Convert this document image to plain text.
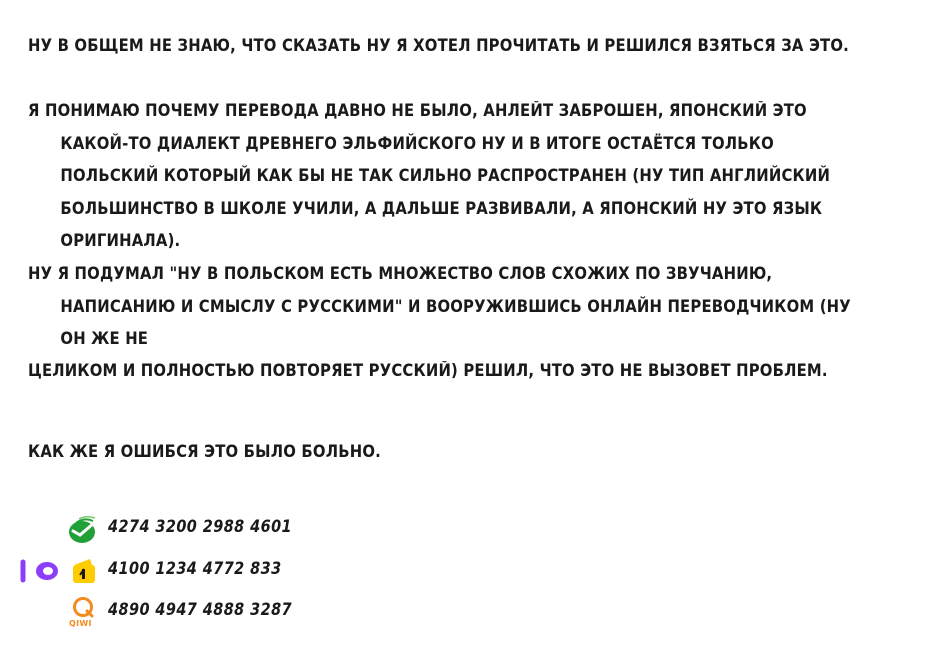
НУ В ОБЩЕМ НЕ ЗНАЮ, ЧТО СКАЗАТЬ НУ Я ХОТЕЛ ПРОЧИТАТЬ И РЕШИЛСЯ ВЗЯТЬСЯ ЗА ЭТО.

Я ПОНИМАЮ ПОЧЕМУ ПЕРЕВОДА ДАВНО НЕ БЫЛО, АНЛЕЙТ ЗАБРОШЕН, ЯПОНСКИЙ ЭТО КАКОЙ-ТО ДИАЛЕКТ ДРЕВНЕГО ЭЛЬФИЙСКОГО НУ И В ИТОГЕ ОСТАЁТСЯ ТОЛЬКО ПОЛЬСКИЙ КОТОРЫЙ КАК БЫ НЕ ТАК СИЛЬНО РАСПРОСТРАНЕН (НУ ТИП АНГЛИЙСКИЙ БОЛЬШИНСТВО В ШКОЛЕ УЧИЛИ, А ДАЛЬШЕ РАЗВИВАЛИ, А ЯПОНСКИЙ НУ ЭТО ЯЗЫК ОРИГИНАЛА).

НУ Я ПОДУМАЛ "НУ В ПОЛЬСКОМ ЕСТЬ МНОЖЕСТВО СЛОВ СХОЖИХ ПО ЗВУЧАНИЮ, НАПИСАНИЮ И СМЫСЛУ С РУССКИМИ" И ВООРУЖИВШИСЬ ОНЛАЙН ПЕРЕВОДЧИКОМ (НУ ОН ЖЕ НЕ

ЦЕЛИКОМ И ПОЛНОСТЬЮ ПОВТОРЯЕТ РУССКИЙ) РЕШИЛ, ЧТО ЭТО НЕ ВЫЗОВЕТ ПРОБЛЕМ.

КАК ЖЕ Я ОШИБСЯ ЭТО БЫЛО БОЛЬНО.

4274 3200 2988 4601
4100 1234 4772 833
4890 4947 4888 3287
QIWI
